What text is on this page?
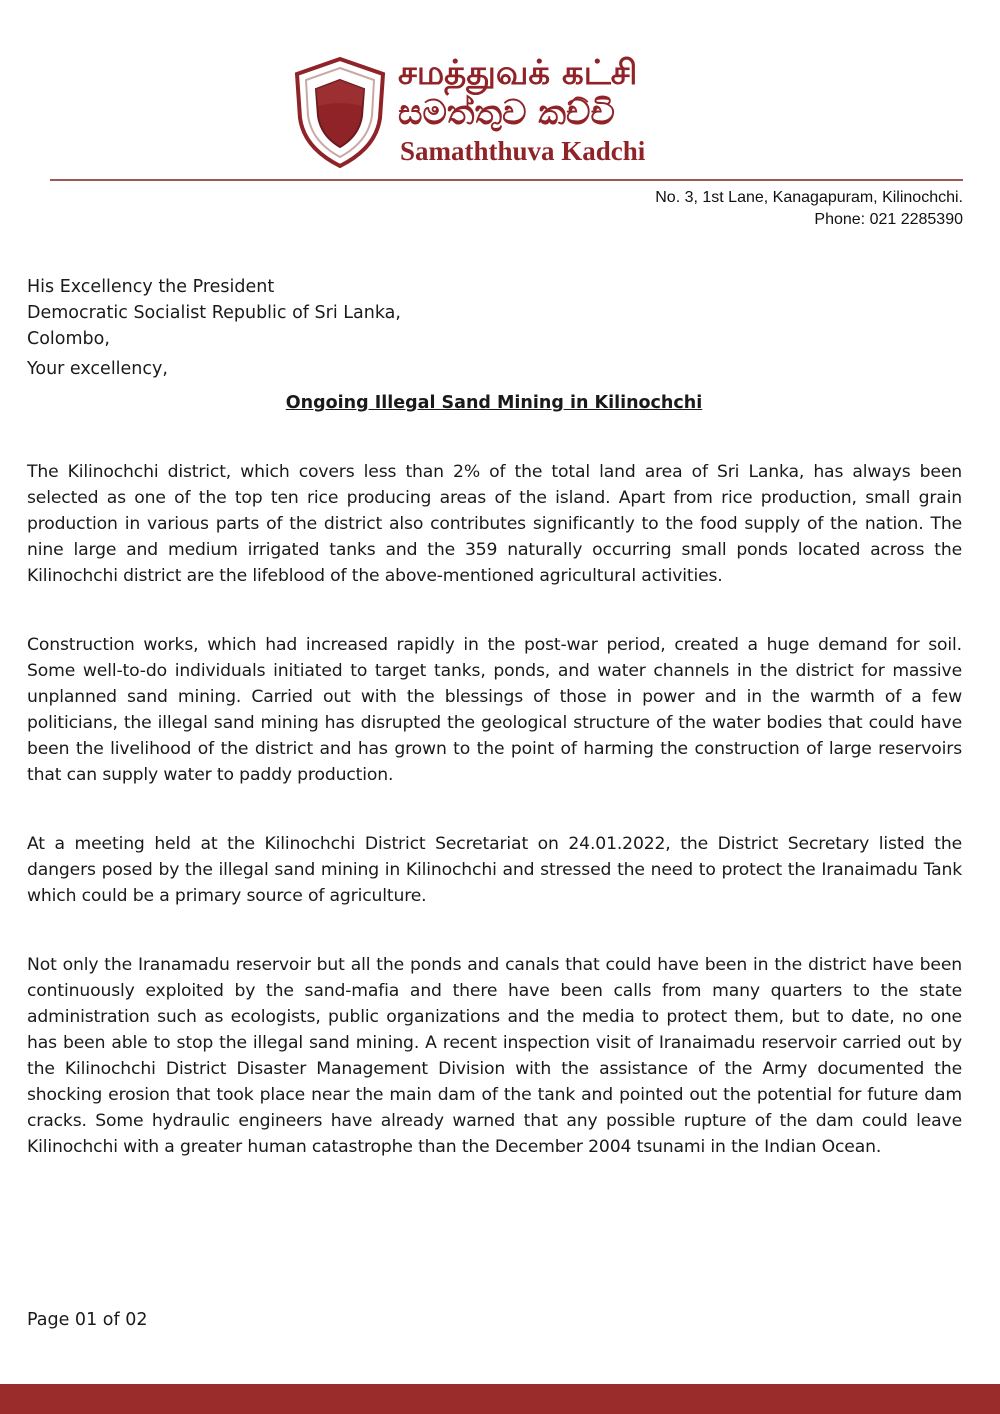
சமத்துவக் கட்சி
සමත්තුව කච්චි
Samaththuva Kadchi
No. 3, 1st Lane, Kanagapuram, Kilinochchi.
Phone: 021 2285390
His Excellency the President
Democratic Socialist Republic of Sri Lanka,
Colombo,
Your excellency,
Ongoing Illegal Sand Mining in Kilinochchi

The Kilinochchi district, which covers less than 2% of the total land area of Sri Lanka, has always been selected as one of the top ten rice producing areas of the island. Apart from rice production, small grain production in various parts of the district also contributes significantly to the food supply of the nation. The nine large and medium irrigated tanks and the 359 naturally occurring small ponds located across the Kilinochchi district are the lifeblood of the above-mentioned agricultural activities.

Construction works, which had increased rapidly in the post-war period, created a huge demand for soil. Some well-to-do individuals initiated to target tanks, ponds, and water channels in the district for massive unplanned sand mining. Carried out with the blessings of those in power and in the warmth of a few politicians, the illegal sand mining has disrupted the geological structure of the water bodies that could have been the livelihood of the district and has grown to the point of harming the construction of large reservoirs that can supply water to paddy production.

At a meeting held at the Kilinochchi District Secretariat on 24.01.2022, the District Secretary listed the dangers posed by the illegal sand mining in Kilinochchi and stressed the need to protect the Iranaimadu Tank which could be a primary source of agriculture.

Not only the Iranamadu reservoir but all the ponds and canals that could have been in the district have been continuously exploited by the sand-mafia and there have been calls from many quarters to the state administration such as ecologists, public organizations and the media to protect them, but to date, no one has been able to stop the illegal sand mining. A recent inspection visit of Iranaimadu reservoir carried out by the Kilinochchi District Disaster Management Division with the assistance of the Army documented the shocking erosion that took place near the main dam of the tank and pointed out the potential for future dam cracks. Some hydraulic engineers have already warned that any possible rupture of the dam could leave Kilinochchi with a greater human catastrophe than the December 2004 tsunami in the Indian Ocean.

Page 01 of 02
